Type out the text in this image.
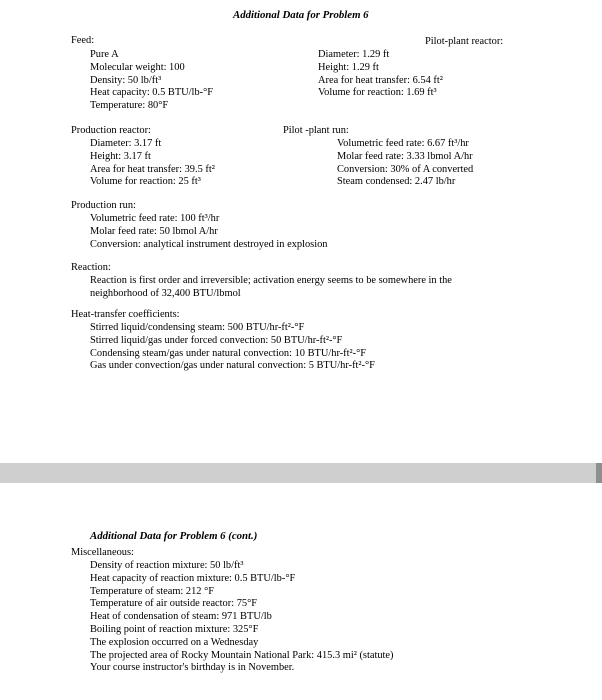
Additional Data for Problem 6
Feed:
Pure A
Molecular weight: 100
Density: 50 lb/ft³
Heat capacity: 0.5 BTU/lb-°F
Temperature: 80°F
Pilot-plant reactor:
Diameter: 1.29 ft
Height: 1.29 ft
Area for heat transfer: 6.54 ft²
Volume for reaction: 1.69 ft³
Production reactor:
Diameter: 3.17 ft
Height: 3.17 ft
Area for heat transfer: 39.5 ft²
Volume for reaction: 25 ft³
Pilot -plant run:
Volumetric feed rate: 6.67 ft³/hr
Molar feed rate: 3.33 lbmol A/hr
Conversion: 30% of A converted
Steam condensed: 2.47 lb/hr
Production run:
Volumetric feed rate: 100 ft³/hr
Molar feed rate: 50 lbmol A/hr
Conversion: analytical instrument destroyed in explosion
Reaction:
Reaction is first order and irreversible; activation energy seems to be somewhere in the
neighborhood of 32,400 BTU/lbmol
Heat-transfer coefficients:
Stirred liquid/condensing steam: 500 BTU/hr-ft²-°F
Stirred liquid/gas under forced convection: 50 BTU/hr-ft²-°F
Condensing steam/gas under natural convection: 10 BTU/hr-ft²-°F
Gas under convection/gas under natural convection: 5 BTU/hr-ft²-°F
Additional Data for Problem 6 (cont.)
Miscellaneous:
Density of reaction mixture: 50 lb/ft³
Heat capacity of reaction mixture: 0.5 BTU/lb-°F
Temperature of steam: 212 °F
Temperature of air outside reactor: 75°F
Heat of condensation of steam: 971 BTU/lb
Boiling point of reaction mixture: 325°F
The explosion occurred on a Wednesday
The projected area of Rocky Mountain National Park: 415.3 mi² (statute)
Your course instructor's birthday is in November.
